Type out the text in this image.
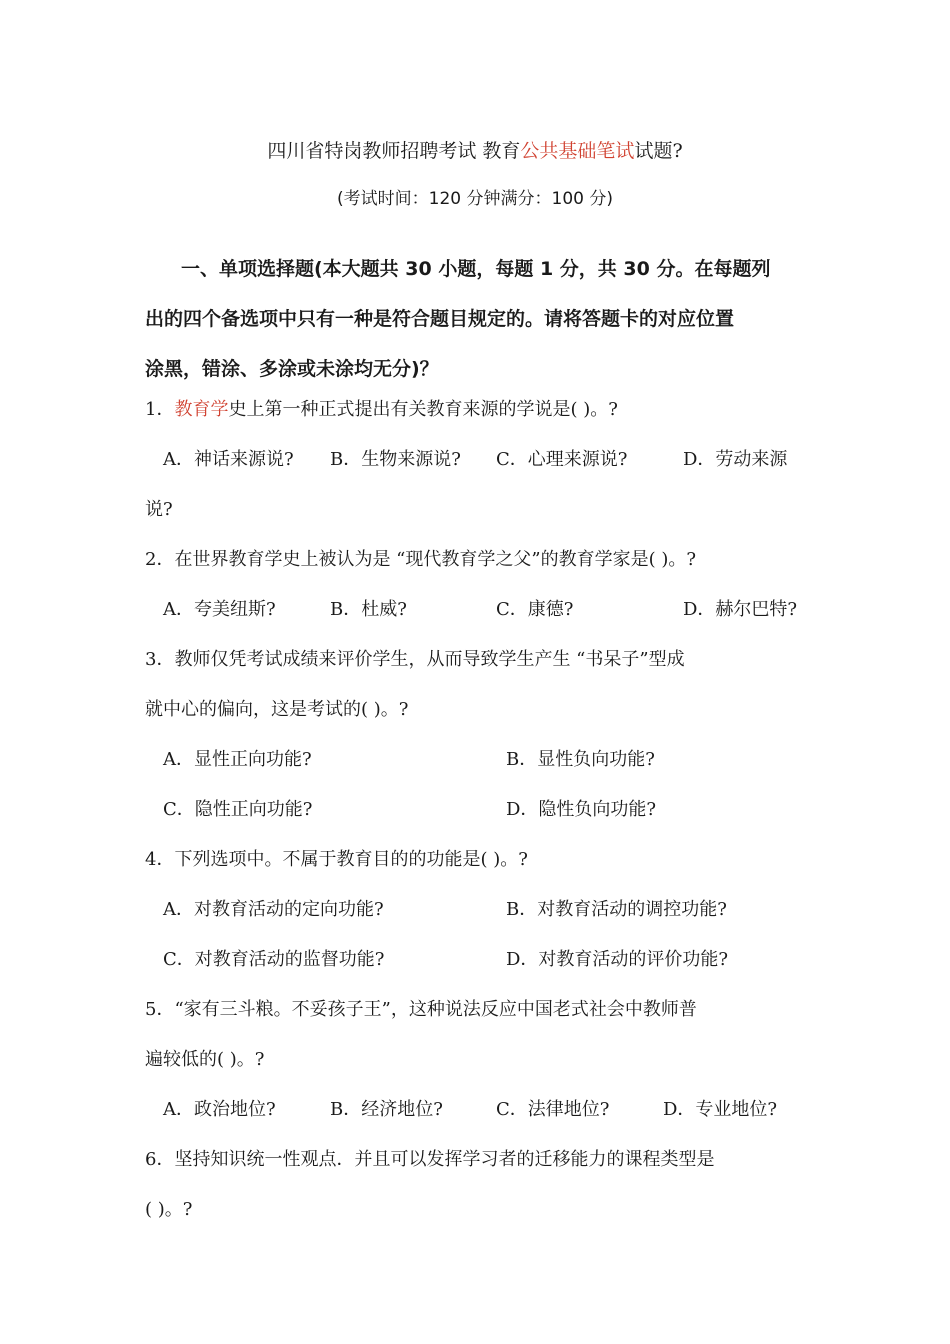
四川省特岗教师招聘考试 教育公共基础笔试试题?
(考试时间：120 分钟满分：100 分)
一、单项选择题(本大题共 30 小题，每题 1 分，共 30 分。在每题列
出的四个备选项中只有一种是符合题目规定的。请将答题卡的对应位置
涂黑，错涂、多涂或未涂均无分)？
1．教育学史上第一种正式提出有关教育来源的学说是( )。?
A．神话来源说? B．生物来源说? C．心理来源说?	D．劳动来源
说?
2．在世界教育学史上被认为是 “现代教育学之父”的教育学家是( )。?
A．夸美纽斯?	B．杜威?	C．康德?	D．赫尔巴特?
3．教师仅凭考试成绩来评价学生，从而导致学生产生 “书呆子”型成
就中心的偏向，这是考试的( )。?
A．显性正向功能?	B．显性负向功能?
C．隐性正向功能?	D．隐性负向功能?
4．下列选项中。不属于教育目的的功能是( )。?
A．对教育活动的定向功能?	B．对教育活动的调控功能?
C．对教育活动的监督功能?	D．对教育活动的评价功能?
5．“家有三斗粮。不妥孩子王”，这种说法反应中国老式社会中教师普
遍较低的( )。?
A．政治地位?	B．经济地位?	C．法律地位?	D．专业地位?
6．坚持知识统一性观点．并且可以发挥学习者的迁移能力的课程类型是
( )。?
